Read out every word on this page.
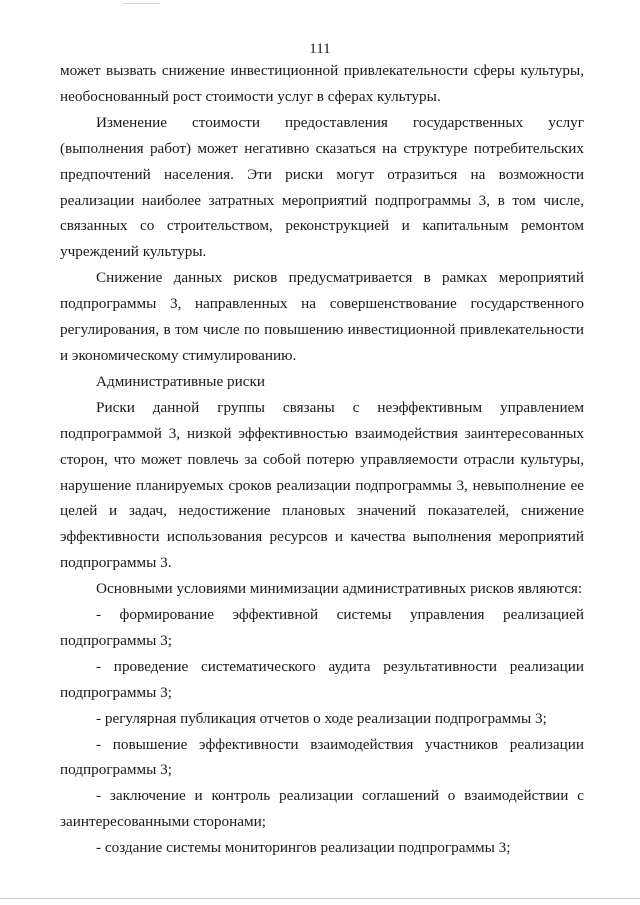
111

может вызвать снижение инвестиционной привлекательности сферы культуры, необоснованный рост стоимости услуг в сферах культуры.

Изменение стоимости предоставления государственных услуг (выполнения работ) может негативно сказаться на структуре потребительских предпочтений населения. Эти риски могут отразиться на возможности реализации наиболее затратных мероприятий подпрограммы 3, в том числе, связанных со строительством, реконструкцией и капитальным ремонтом учреждений культуры.

Снижение данных рисков предусматривается в рамках мероприятий подпрограммы 3, направленных на совершенствование государственного регулирования, в том числе по повышению инвестиционной привлекательности и экономическому стимулированию.

Административные риски

Риски данной группы связаны с неэффективным управлением подпрограммой 3, низкой эффективностью взаимодействия заинтересованных сторон, что может повлечь за собой потерю управляемости отрасли культуры, нарушение планируемых сроков реализации подпрограммы 3, невыполнение ее целей и задач, недостижение плановых значений показателей, снижение эффективности использования ресурсов и качества выполнения мероприятий подпрограммы 3.

Основными условиями минимизации административных рисков являются:

- формирование эффективной системы управления реализацией подпрограммы 3;

- проведение систематического аудита результативности реализации подпрограммы 3;

- регулярная публикация отчетов о ходе реализации подпрограммы 3;

- повышение эффективности взаимодействия участников реализации подпрограммы 3;

- заключение и контроль реализации соглашений о взаимодействии с заинтересованными сторонами;

- создание системы мониторингов реализации подпрограммы 3;
